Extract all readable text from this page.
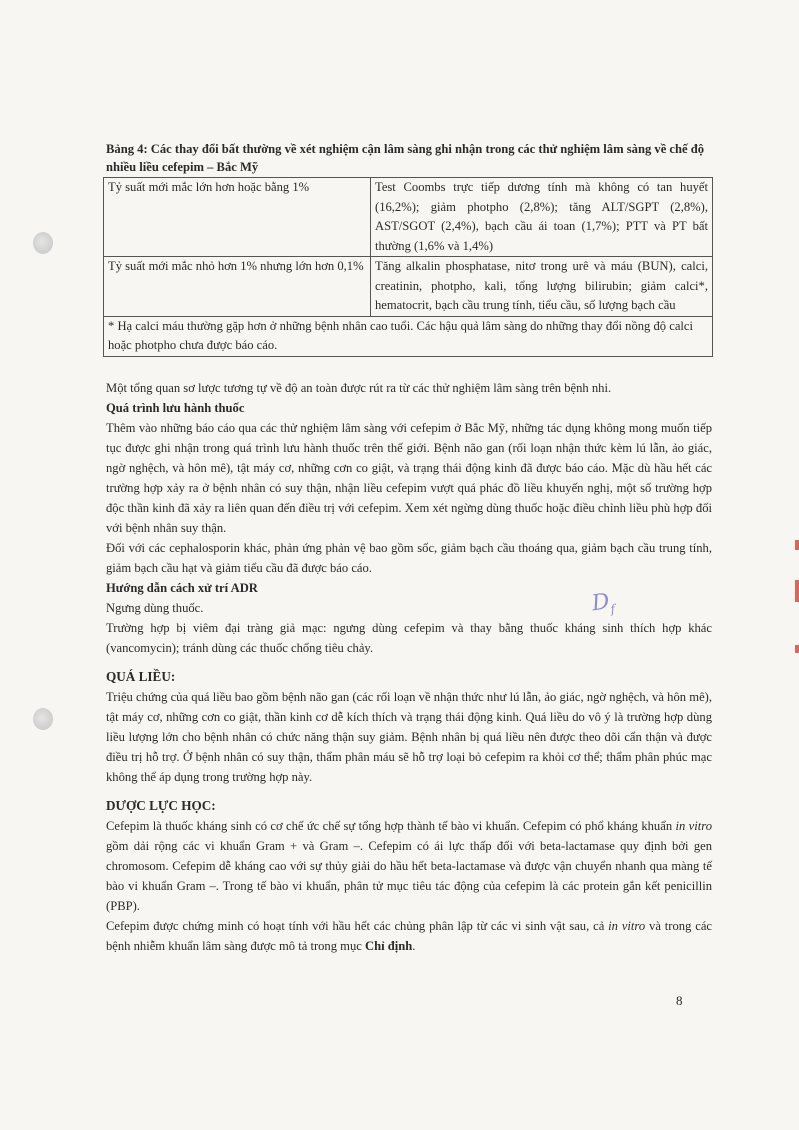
Bảng 4: Các thay đổi bất thường về xét nghiệm cận lâm sàng ghi nhận trong các thử nghiệm lâm sàng về chế độ nhiều liều cefepim – Bắc Mỹ
Tỷ suất mới mắc lớn hơn hoặc bằng 1%	Test Coombs trực tiếp dương tính mà không có tan huyết (16,2%); giảm photpho (2,8%); tăng ALT/SGPT (2,8%), AST/SGOT (2,4%), bạch cầu ái toan (1,7%); PTT và PT bất thường (1,6% và 1,4%)
Tỷ suất mới mắc nhỏ hơn 1% nhưng lớn hơn 0,1%	Tăng alkalin phosphatase, nitơ trong urê và máu (BUN), calci, creatinin, photpho, kali, tổng lượng bilirubin; giảm calci*, hematocrit, bạch cầu trung tính, tiểu cầu, số lượng bạch cầu
* Hạ calci máu thường gặp hơn ở những bệnh nhân cao tuổi. Các hậu quả lâm sàng do những thay đổi nồng độ calci hoặc photpho chưa được báo cáo.	

Một tổng quan sơ lược tương tự về độ an toàn được rút ra từ các thử nghiệm lâm sàng trên bệnh nhi.

Quá trình lưu hành thuốc

Thêm vào những báo cáo qua các thử nghiệm lâm sàng với cefepim ở Bắc Mỹ, những tác dụng không mong muốn tiếp tục được ghi nhận trong quá trình lưu hành thuốc trên thế giới. Bệnh não gan (rối loạn nhận thức kèm lú lẫn, ảo giác, ngờ nghệch, và hôn mê), tật máy cơ, những cơn co giật, và trạng thái động kinh đã được báo cáo. Mặc dù hầu hết các trường hợp xảy ra ở bệnh nhân có suy thận, nhận liều cefepim vượt quá phác đồ liều khuyến nghị, một số trường hợp độc thần kinh đã xảy ra liên quan đến điều trị với cefepim. Xem xét ngừng dùng thuốc hoặc điều chỉnh liều phù hợp đối với bệnh nhân suy thận.

Đối với các cephalosporin khác, phản ứng phản vệ bao gồm sốc, giảm bạch cầu thoáng qua, giảm bạch cầu trung tính, giảm bạch cầu hạt và giảm tiểu cầu đã được báo cáo.

Hướng dẫn cách xử trí ADR

Ngưng dùng thuốc.

Trường hợp bị viêm đại tràng giả mạc: ngưng dùng cefepim và thay bằng thuốc kháng sinh thích hợp khác (vancomycin); tránh dùng các thuốc chống tiêu chảy.

QUÁ LIỀU:

Triệu chứng của quá liều bao gồm bệnh não gan (các rối loạn về nhận thức như lú lẫn, ảo giác, ngờ nghệch, và hôn mê), tật máy cơ, những cơn co giật, thần kinh cơ dễ kích thích và trạng thái động kinh. Quá liều do vô ý là trường hợp dùng liều lượng lớn cho bệnh nhân có chức năng thận suy giảm. Bệnh nhân bị quá liều nên được theo dõi cẩn thận và được điều trị hỗ trợ. Ở bệnh nhân có suy thận, thẩm phân máu sẽ hỗ trợ loại bỏ cefepim ra khỏi cơ thể; thẩm phân phúc mạc không thể áp dụng trong trường hợp này.

DƯỢC LỰC HỌC:

Cefepim là thuốc kháng sinh có cơ chế ức chế sự tổng hợp thành tế bào vi khuẩn. Cefepim có phổ kháng khuẩn in vitro gồm dải rộng các vi khuẩn Gram + và Gram –. Cefepim có ái lực thấp đối với beta-lactamase quy định bởi gen chromosom. Cefepim dễ kháng cao với sự thủy giải do hầu hết beta-lactamase và được vận chuyển nhanh qua màng tế bào vi khuẩn Gram –. Trong tế bào vi khuẩn, phân tử mục tiêu tác động của cefepim là các protein gắn kết penicillin (PBP).

Cefepim được chứng minh có hoạt tính với hầu hết các chủng phân lập từ các vi sinh vật sau, cả in vitro và trong các bệnh nhiễm khuẩn lâm sàng được mô tả trong mục Chỉ định.

$D_f$
8
